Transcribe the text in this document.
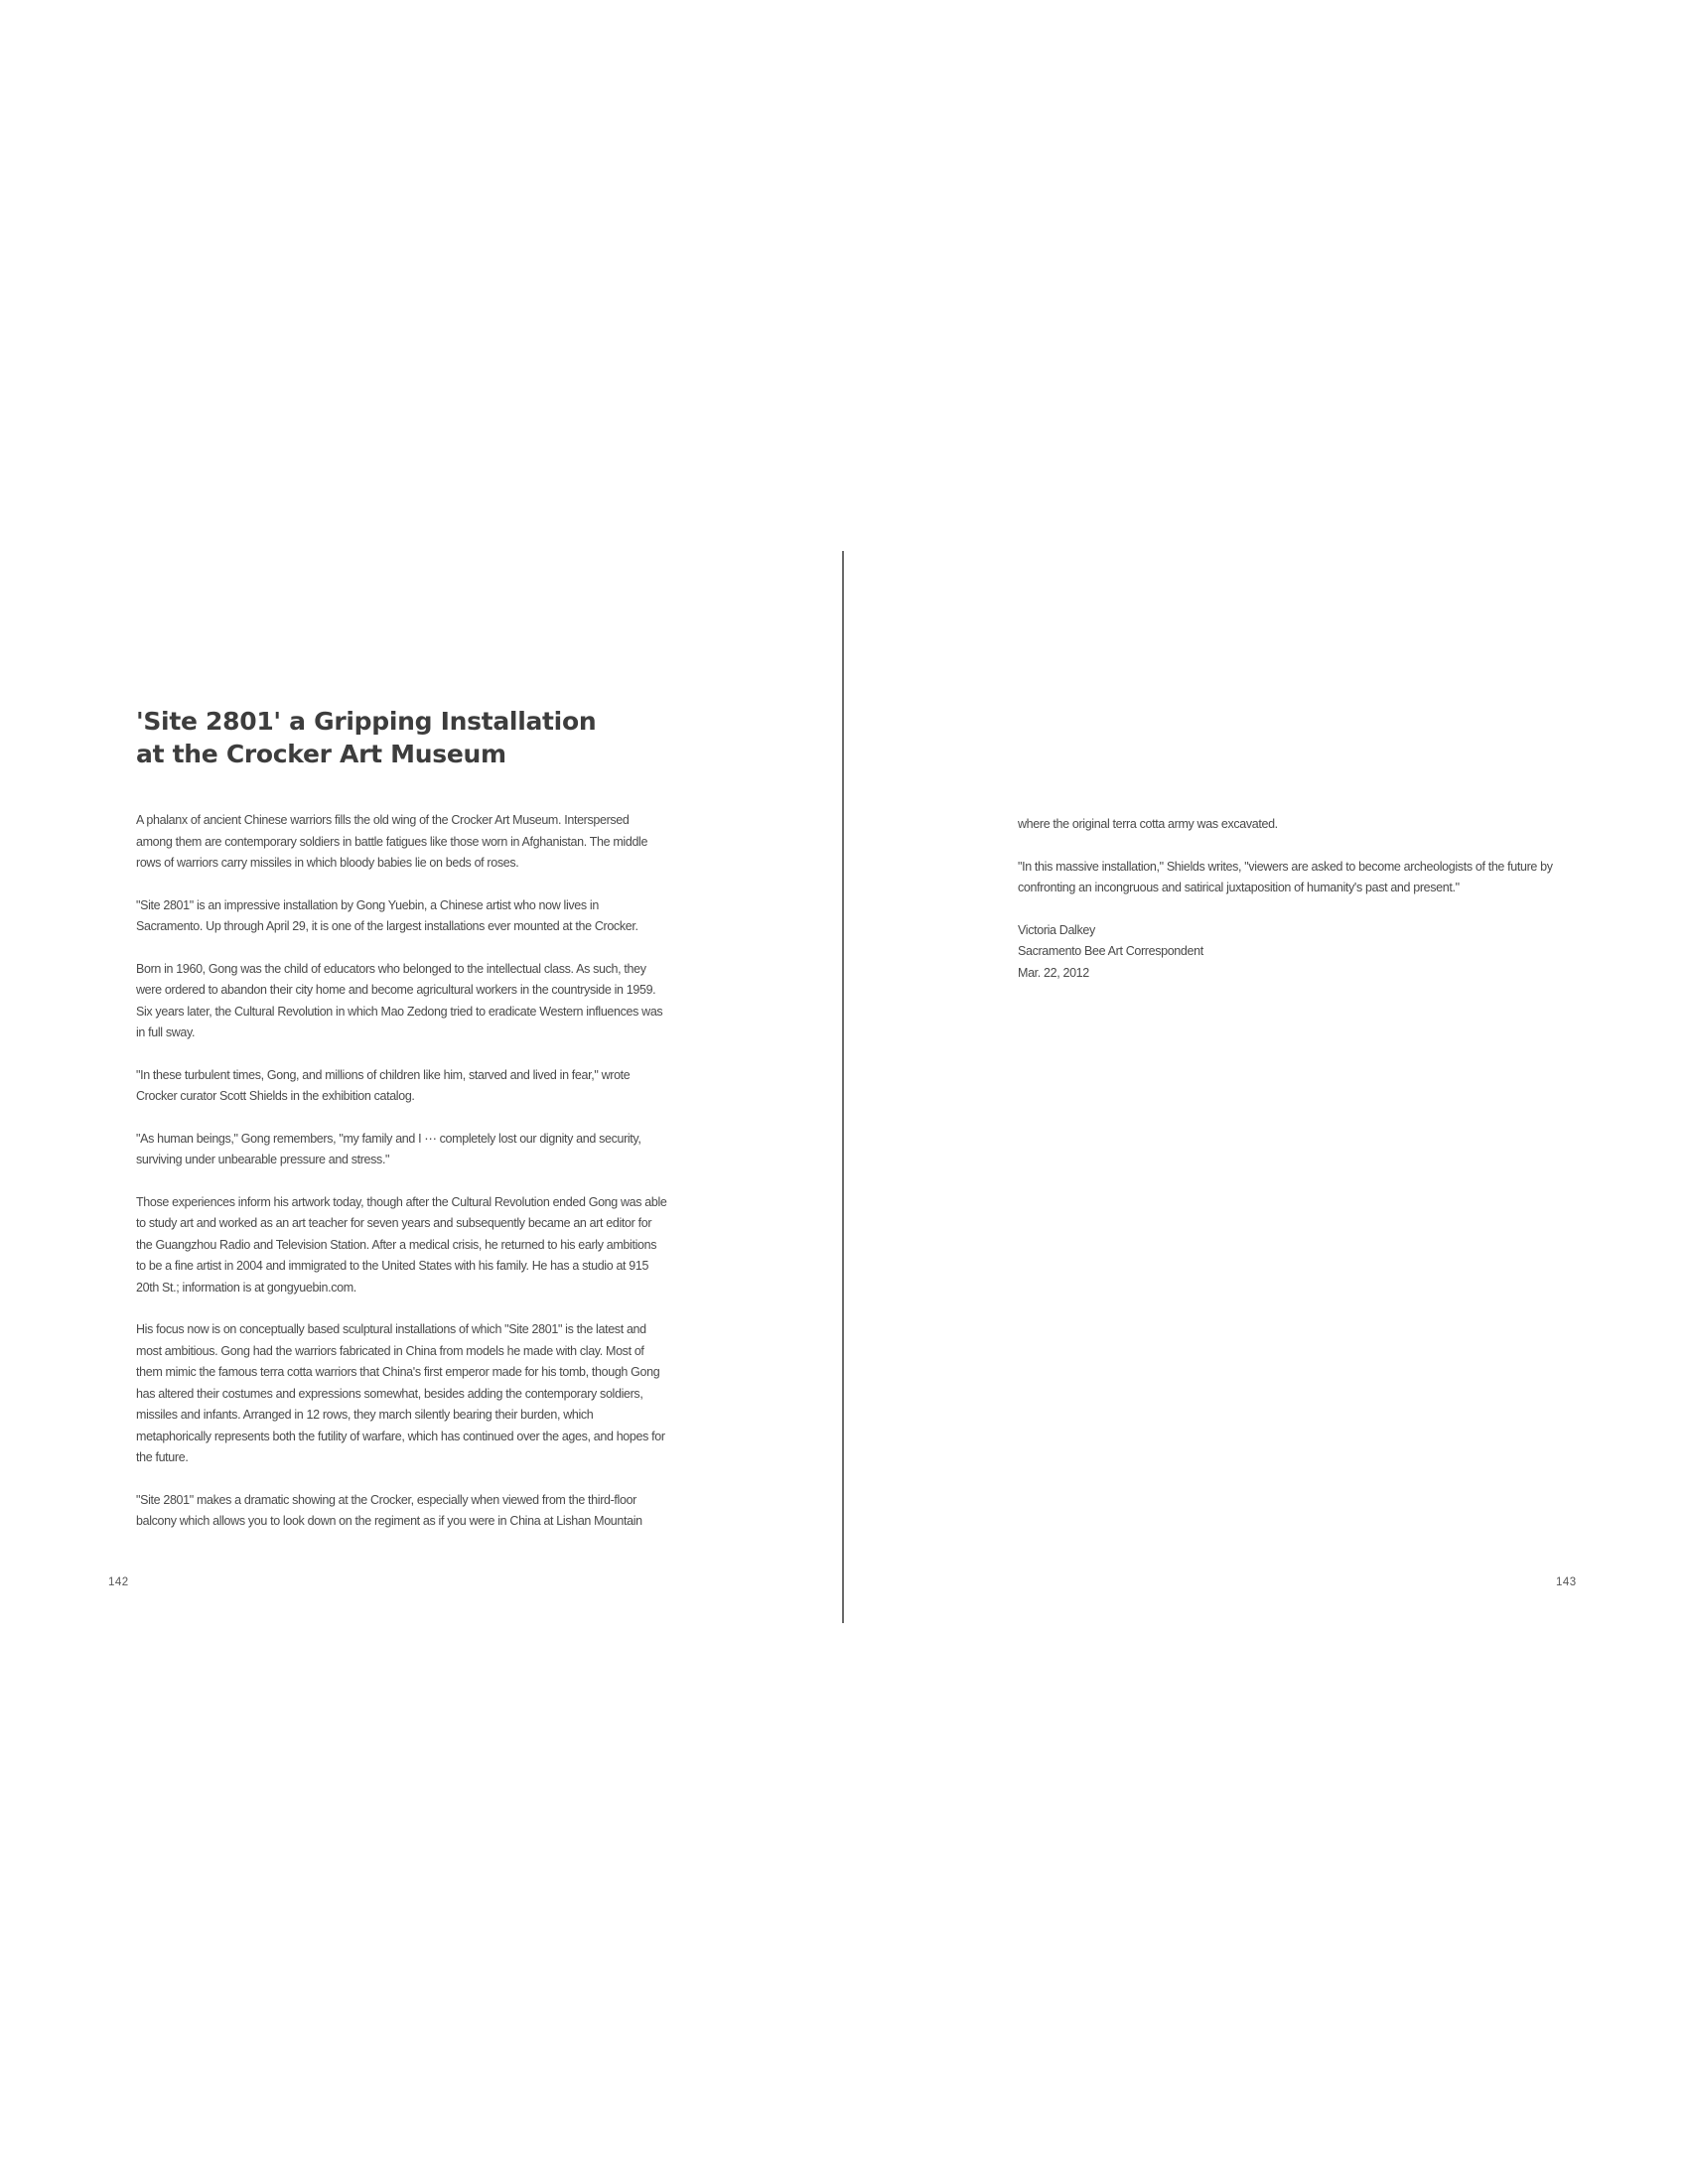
'Site 2801' a Gripping Installation
at the Crocker Art Museum

A phalanx of ancient Chinese warriors fills the old wing of the Crocker Art Museum. Interspersed among them are contemporary soldiers in battle fatigues like those worn in Afghanistan. The middle rows of warriors carry missiles in which bloody babies lie on beds of roses.

"Site 2801" is an impressive installation by Gong Yuebin, a Chinese artist who now lives in Sacramento. Up through April 29, it is one of the largest installations ever mounted at the Crocker.

Born in 1960, Gong was the child of educators who belonged to the intellectual class. As such, they were ordered to abandon their city home and become agricultural workers in the countryside in 1959. Six years later, the Cultural Revolution in which Mao Zedong tried to eradicate Western influences was in full sway.

"In these turbulent times, Gong, and millions of children like him, starved and lived in fear," wrote Crocker curator Scott Shields in the exhibition catalog.

"As human beings," Gong remembers, "my family and I ⋯ completely lost our dignity and security, surviving under unbearable pressure and stress."

Those experiences inform his artwork today, though after the Cultural Revolution ended Gong was able to study art and worked as an art teacher for seven years and subsequently became an art editor for the Guangzhou Radio and Television Station. After a medical crisis, he returned to his early ambitions to be a fine artist in 2004 and immigrated to the United States with his family. He has a studio at 915 20th St.; information is at gongyuebin.com.

His focus now is on conceptually based sculptural installations of which "Site 2801" is the latest and most ambitious. Gong had the warriors fabricated in China from models he made with clay. Most of them mimic the famous terra cotta warriors that China's first emperor made for his tomb, though Gong has altered their costumes and expressions somewhat, besides adding the contemporary soldiers, missiles and infants. Arranged in 12 rows, they march silently bearing their burden, which metaphorically represents both the futility of warfare, which has continued over the ages, and hopes for the future.

"Site 2801" makes a dramatic showing at the Crocker, especially when viewed from the third-floor balcony which allows you to look down on the regiment as if you were in China at Lishan Mountain

142

where the original terra cotta army was excavated.

"In this massive installation," Shields writes, "viewers are asked to become archeologists of the future by confronting an incongruous and satirical juxtaposition of humanity's past and present."

Victoria Dalkey
Sacramento Bee Art Correspondent
Mar. 22, 2012

143
